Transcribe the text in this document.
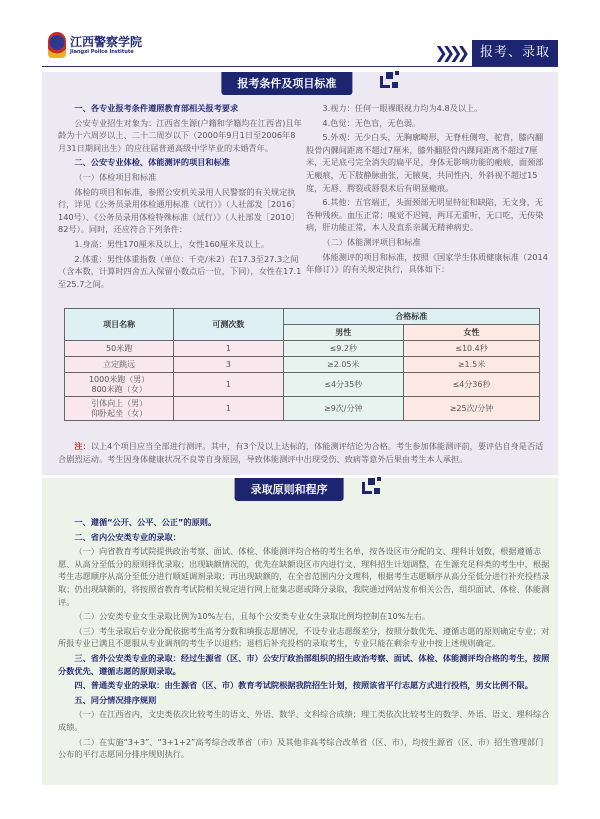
江西警察学院
Jiangxi Police Institute	❯❯❯❯	报考、录取
报考条件及项目标准

一、各专业报考条件遵照教育部相关报考要求

公安专业招生对象为：江西省生源(户籍和学籍均在江西省)且年龄为十六周岁以上、二十二周岁以下（2000年9月1日至2006年8月31日期间出生）的应往届普通高级中学毕业的未婚青年。

二、公安专业体检、体能测评的项目和标准

（一）体检项目和标准

体检的项目和标准，参照公安机关录用人民警察的有关规定执行，详见《公务员录用体检通用标准（试行）》（人社部发［2016］140号）、《公务员录用体检特殊标准（试行）》（人社部发［2010］82号）。同时，还应符合下列条件：

1.身高：男性170厘米及以上，女性160厘米及以上。

2.体重：男性体重指数（单位：千克/米2）在17.3至27.3之间（含本数，计算时四舍五入保留小数点后一位，下同），女性在17.1至25.7之间。

3.视力：任何一眼裸眼视力均为4.8及以上。

4.色觉：无色盲，无色弱。

5.外观：无少白头，无胸廓畸形，无脊柱侧弯、驼背，膝内翻股骨内髁间距离不超过7厘米，膝外翻胫骨内踝间距离不超过7厘米，无足底弓完全消失的扁平足，身体无影响功能的瘢痕，面颈部无瘢痕，无下肢静脉曲张，无腋臭，共同性内、外斜视不超过15度，无唇、腭裂或唇裂术后有明显瘢痕。

6.其他：五官端正，头面颈部无明显特征和缺陷，无文身，无各种残疾。血压正常；嗅觉不迟钝，两耳无重听，无口吃，无传染病，肝功能正常，本人及直系亲属无精神病史。

（二）体能测评项目和标准

体能测评的项目和标准，按照《国家学生体质健康标准（2014年修订）》的有关规定执行，具体如下：

项目名称	可测次数	合格标准	
		男性	女性
50米跑	1	≤9.2秒	≤10.4秒
立定跳远	3	≥2.05米	≥1.5米
1000米跑（男）
800米跑（女）	1	≤4分35秒	≤4分36秒
引体向上（男）
仰卧起坐（女）	1	≥9次/分钟	≥25次/分钟

注：以上4个项目应当全部进行测评。其中，有3个及以上达标的，体能测评结论为合格。考生参加体能测评前，要评估自身是否适合剧烈运动。考生因身体健康状况不良等自身原因，导致体能测评中出现受伤、致病等意外后果由考生本人承担。

录取原则和程序

一、遵循“公开、公平、公正”的原则。

二、省内公安类专业的录取：

（一）向省教育考试院提供政治考察、面试、体检、体能测评均合格的考生名单，按各设区市分配的文、理科计划数，根据遵循志愿、从高分至低分的原则择优录取；出现缺额情况的，优先在缺额设区市内进行文、理科招生计划调整，在生源充足科类的考生中，根据考生志愿顺序从高分至低分进行顺延调剂录取；再出现缺额的，在全省范围内分文理科，根据考生志愿顺序从高分至低分进行补充投档录取；仍出现缺额的，将按照省教育考试院相关规定进行网上征集志愿或降分录取，我院通过网站发布相关公告，组织面试、体检、体能测评。

（二）公安类专业女生录取比例为10%左右，且每个公安类专业女生录取比例均控制在10%左右。

（三）考生录取后专业分配依据考生高考分数和填报志愿情况，不设专业志愿级差分，按照分数优先、遵循志愿的原则确定专业；对所报专业已满且不愿服从专业调剂的考生予以退档；退档后补充投档的录取考生，专业只能在剩余专业中按上述规则确定。

三、省外公安类专业的录取：经过生源省（区、市）公安厅政治部组织的招生政治考察、面试、体检、体能测评均合格的考生，按照分数优先、遵循志愿的原则录取。

四、普通类专业的录取：由生源省（区、市）教育考试院根据我院招生计划，按照该省平行志愿方式进行投档，男女比例不限。

五、同分情况排序规则

（一）在江西省内，文史类依次比较考生的语文、外语、数学、文科综合成绩；理工类依次比较考生的数学、外语、语文、理科综合成绩。

（二）在实施“3+3”、“3+1+2”高考综合改革省（市）及其他非高考综合改革省（区、市），均按生源省（区、市）招生管理部门公布的平行志愿同分排序规则执行。
